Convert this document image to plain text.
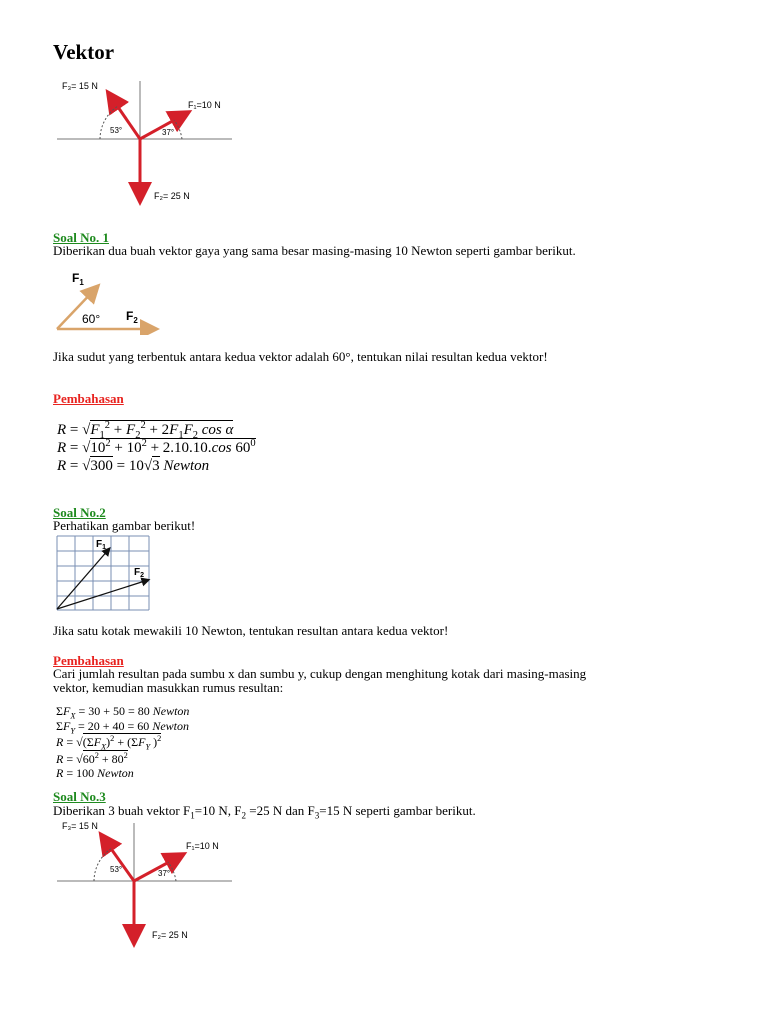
Vektor
F₃= 15 N
F₁=10 N
F₂= 25 N
53°	37°
Soal No. 1
Diberikan dua buah vektor gaya yang sama besar masing-masing 10 Newton seperti gambar berikut.
$F_1$
$F_2$
60°
Jika sudut yang terbentuk antara kedua vektor adalah 60°, tentukan nilai resultan kedua vektor!
Pembahasan
$R = √F_1^2 + F_2^2 + 2F_1F_2$ cos α
$R = √10^2 + 10^2 + 2.10.10.\cos$ $60^0$
R = √300 = 10√3 Newton
Soal No.2
Perhatikan gambar berikut!
$F_1$
$F_2$
Jika satu kotak mewakili 10 Newton, tentukan resultan antara kedua vektor!
Pembahasan
Cari jumlah resultan pada sumbu x dan sumbu y, cukup dengan menghitung kotak dari masing-masing
vektor, kemudian masukkan rumus resultan:
$\Sigma F_X = 30 + 50 = 80$ Newton
$\Sigma F_Y = 20 + 40 = 60$ Newton
$R = √(\Sigma F_X)^2 + (\Sigma F_Y$ )$^2$
$R = √60^2 + 80^2$
R = 100 Newton
Soal No.3
Diberikan 3 buah vektor $F_1=10$ N, $F_2 =25$ N dan $F_3=15$ N seperti gambar berikut.
F₃= 15 N
F₁=10 N
F₂= 25 N
53°	37°
